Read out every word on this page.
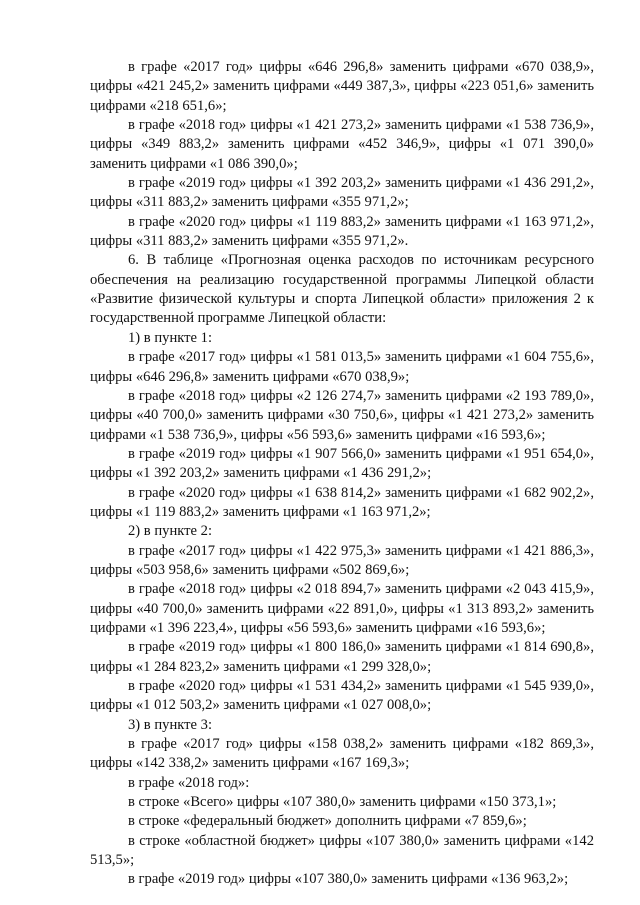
в графе «2017 год» цифры «646 296,8» заменить цифрами «670 038,9», цифры «421 245,2» заменить цифрами «449 387,3», цифры «223 051,6» заменить цифрами «218 651,6»;

в графе «2018 год» цифры «1 421 273,2» заменить цифрами «1 538 736,9», цифры «349 883,2» заменить цифрами «452 346,9», цифры «1 071 390,0» заменить цифрами «1 086 390,0»;

в графе «2019 год» цифры «1 392 203,2» заменить цифрами «1 436 291,2», цифры «311 883,2» заменить цифрами «355 971,2»;

в графе «2020 год» цифры «1 119 883,2» заменить цифрами «1 163 971,2», цифры «311 883,2» заменить цифрами «355 971,2».

6. В таблице «Прогнозная оценка расходов по источникам ресурсного обеспечения на реализацию государственной программы Липецкой области «Развитие физической культуры и спорта Липецкой области» приложения 2 к государственной программе Липецкой области:

1) в пункте 1:

в графе «2017 год» цифры «1 581 013,5» заменить цифрами «1 604 755,6», цифры «646 296,8» заменить цифрами «670 038,9»;

в графе «2018 год» цифры «2 126 274,7» заменить цифрами «2 193 789,0», цифры «40 700,0» заменить цифрами «30 750,6», цифры «1 421 273,2» заменить цифрами «1 538 736,9», цифры «56 593,6» заменить цифрами «16 593,6»;

в графе «2019 год» цифры «1 907 566,0» заменить цифрами «1 951 654,0», цифры «1 392 203,2» заменить цифрами «1 436 291,2»;

в графе «2020 год» цифры «1 638 814,2» заменить цифрами «1 682 902,2», цифры «1 119 883,2» заменить цифрами «1 163 971,2»;

2) в пункте 2:

в графе «2017 год» цифры «1 422 975,3» заменить цифрами «1 421 886,3», цифры «503 958,6» заменить цифрами «502 869,6»;

в графе «2018 год» цифры «2 018 894,7» заменить цифрами «2 043 415,9», цифры «40 700,0» заменить цифрами «22 891,0», цифры «1 313 893,2» заменить цифрами «1 396 223,4», цифры «56 593,6» заменить цифрами «16 593,6»;

в графе «2019 год» цифры «1 800 186,0» заменить цифрами «1 814 690,8», цифры «1 284 823,2» заменить цифрами «1 299 328,0»;

в графе «2020 год» цифры «1 531 434,2» заменить цифрами «1 545 939,0», цифры «1 012 503,2» заменить цифрами «1 027 008,0»;

3) в пункте 3:

в графе «2017 год» цифры «158 038,2» заменить цифрами «182 869,3», цифры «142 338,2» заменить цифрами «167 169,3»;

в графе «2018 год»:

в строке «Всего» цифры «107 380,0» заменить цифрами «150 373,1»;

в строке «федеральный бюджет» дополнить цифрами «7 859,6»;

в строке «областной бюджет» цифры «107 380,0» заменить цифрами «142 513,5»;

в графе «2019 год» цифры «107 380,0» заменить цифрами «136 963,2»;
